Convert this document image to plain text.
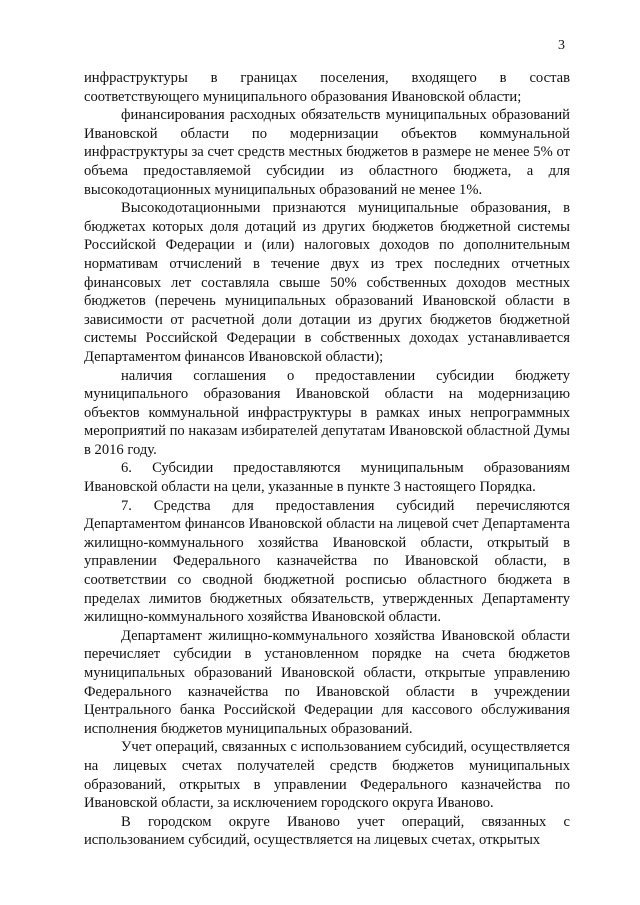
3

инфраструктуры в границах поселения, входящего в состав соответствующего муниципального образования Ивановской области;

финансирования расходных обязательств муниципальных образований Ивановской области по модернизации объектов коммунальной инфраструктуры за счет средств местных бюджетов в размере не менее 5% от объема предоставляемой субсидии из областного бюджета, а для высокодотационных муниципальных образований не менее 1%.

Высокодотационными признаются муниципальные образования, в бюджетах которых доля дотаций из других бюджетов бюджетной системы Российской Федерации и (или) налоговых доходов по дополнительным нормативам отчислений в течение двух из трех последних отчетных финансовых лет составляла свыше 50% собственных доходов местных бюджетов (перечень муниципальных образований Ивановской области в зависимости от расчетной доли дотации из других бюджетов бюджетной системы Российской Федерации в собственных доходах устанавливается Департаментом финансов Ивановской области);

наличия соглашения о предоставлении субсидии бюджету муниципального образования Ивановской области на модернизацию объектов коммунальной инфраструктуры в рамках иных непрограммных мероприятий по наказам избирателей депутатам Ивановской областной Думы в 2016 году.

6. Субсидии предоставляются муниципальным образованиям Ивановской области на цели, указанные в пункте 3 настоящего Порядка.

7. Средства для предоставления субсидий перечисляются Департаментом финансов Ивановской области на лицевой счет Департамента жилищно-коммунального хозяйства Ивановской области, открытый в управлении Федерального казначейства по Ивановской области, в соответствии со сводной бюджетной росписью областного бюджета в пределах лимитов бюджетных обязательств, утвержденных Департаменту жилищно-коммунального хозяйства Ивановской области.

Департамент жилищно-коммунального хозяйства Ивановской области перечисляет субсидии в установленном порядке на счета бюджетов муниципальных образований Ивановской области, открытые управлению Федерального казначейства по Ивановской области в учреждении Центрального банка Российской Федерации для кассового обслуживания исполнения бюджетов муниципальных образований.

Учет операций, связанных с использованием субсидий, осуществляется на лицевых счетах получателей средств бюджетов муниципальных образований, открытых в управлении Федерального казначейства по Ивановской области, за исключением городского округа Иваново.

В городском округе Иваново учет операций, связанных с использованием субсидий, осуществляется на лицевых счетах, открытых
